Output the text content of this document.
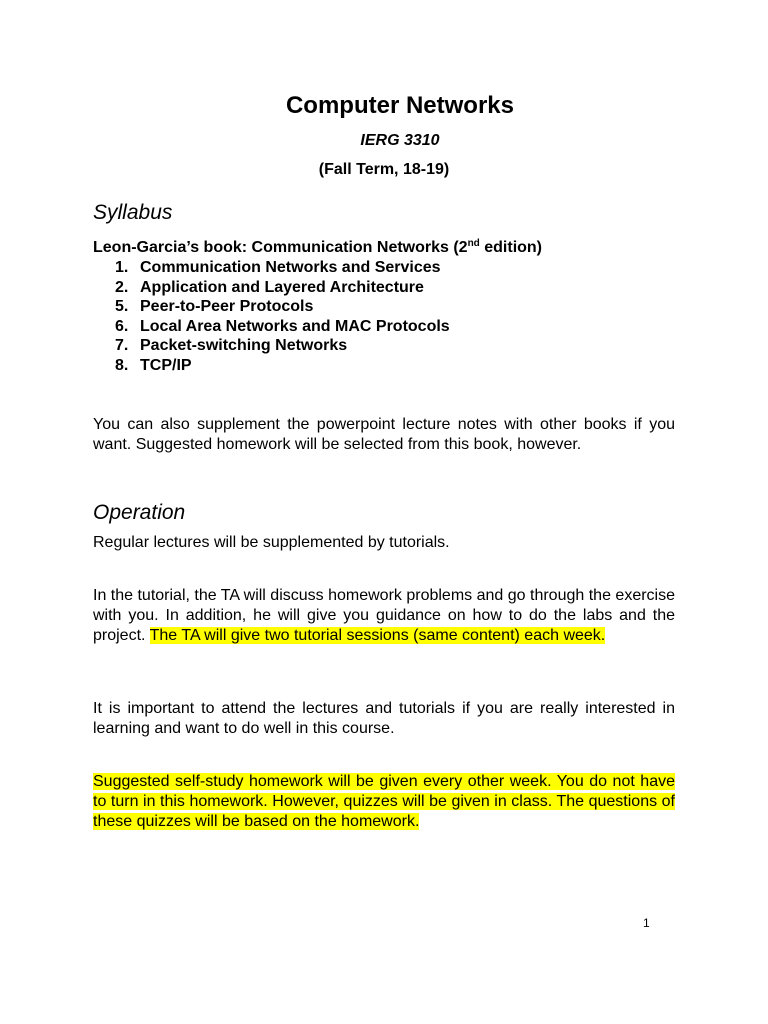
Computer Networks
IERG 3310
(Fall Term, 18-19)
Syllabus
Leon-Garcia’s book: Communication Networks (2nd edition)
1. Communication Networks and Services
2. Application and Layered Architecture
5. Peer-to-Peer Protocols
6. Local Area Networks and MAC Protocols
7. Packet-switching Networks
8. TCP/IP

You can also supplement the powerpoint lecture notes with other books if you want. Suggested homework will be selected from this book, however.

Operation

Regular lectures will be supplemented by tutorials.

In the tutorial, the TA will discuss homework problems and go through the exercise with you. In addition, he will give you guidance on how to do the labs and the project. The TA will give two tutorial sessions (same content) each week.

It is important to attend the lectures and tutorials if you are really interested in learning and want to do well in this course.

Suggested self-study homework will be given every other week. You do not have to turn in this homework. However, quizzes will be given in class. The questions of these quizzes will be based on the homework.

1
